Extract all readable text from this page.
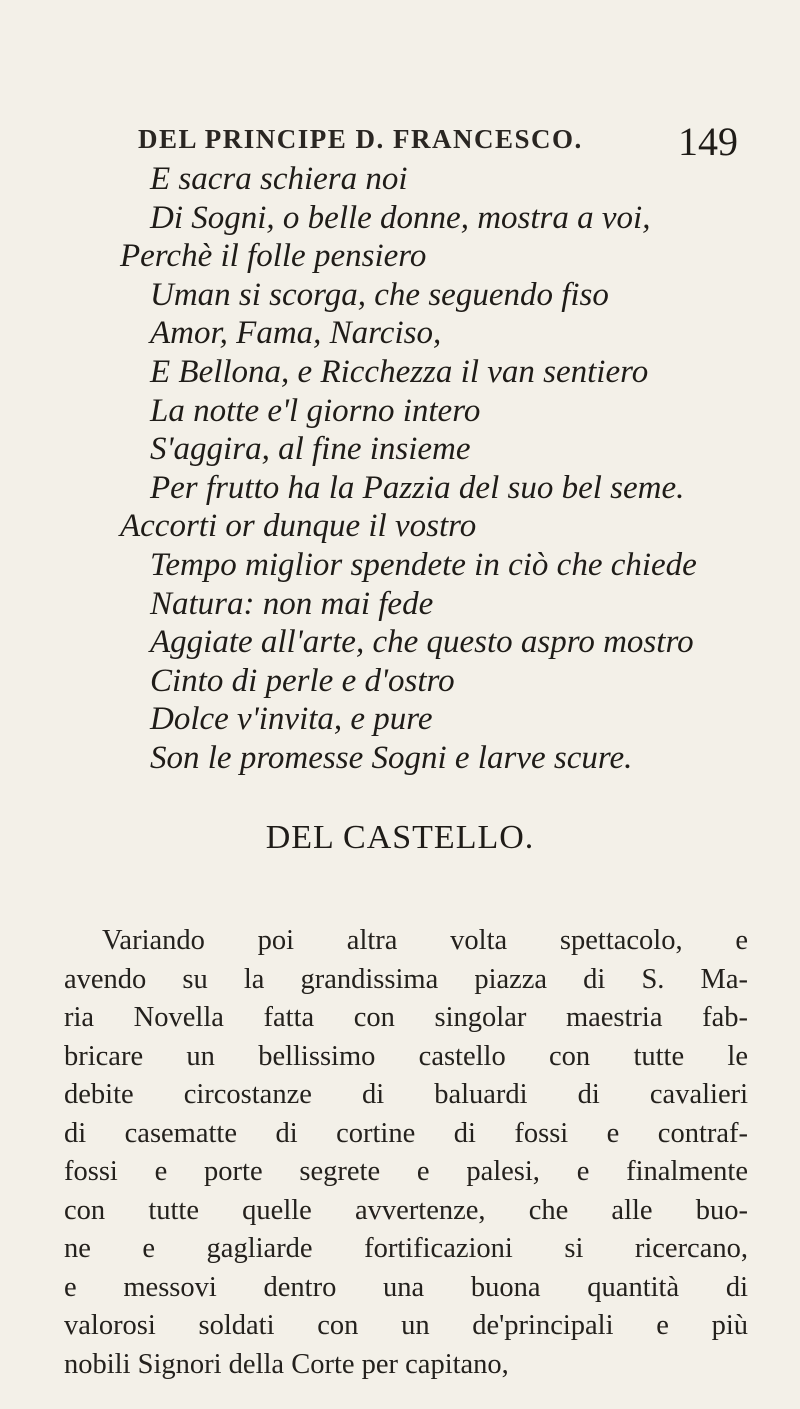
DEL PRINCIPE D. FRANCESCO. 149
E sacra schiera noi
Di Sogni, o belle donne, mostra a voi,
Perchè il folle pensiero
Uman si scorga, che seguendo fiso
Amor, Fama, Narciso,
E Bellona, e Ricchezza il van sentiero
La notte e'l giorno intero
S'aggira, al fine insieme
Per frutto ha la Pazzia del suo bel seme.
Accorti or dunque il vostro
Tempo miglior spendete in ciò che chiede
Natura: non mai fede
Aggiate all'arte, che questo aspro mostro
Cinto di perle e d'ostro
Dolce v'invita, e pure
Son le promesse Sogni e larve scure.
DEL CASTELLO.
Variando poi altra volta spettacolo, e
avendo su la grandissima piazza di S. Ma-
ria Novella fatta con singolar maestria fab-
bricare un bellissimo castello con tutte le
debite circostanze di baluardi di cavalieri
di casematte di cortine di fossi e contraf-
fossi e porte segrete e palesi, e finalmente
con tutte quelle avvertenze, che alle buo-
ne e gagliarde fortificazioni si ricercano,
e messovi dentro una buona quantità di
valorosi soldati con un de'principali e più
nobili Signori della Corte per capitano,
